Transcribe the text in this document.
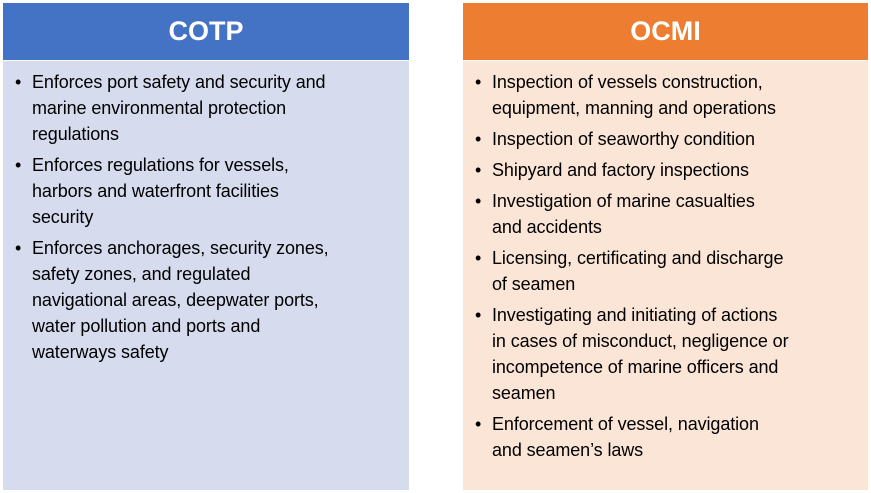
COTP
• Enforces port safety and security and
marine environmental protection
regulations
• Enforces regulations for vessels,
harbors and waterfront facilities
security
• Enforces anchorages, security zones,
safety zones, and regulated
navigational areas, deepwater ports,
water pollution and ports and
waterways safety
OCMI
• Inspection of vessels construction,
equipment, manning and operations
• Inspection of seaworthy condition
• Shipyard and factory inspections
• Investigation of marine casualties
and accidents
• Licensing, certificating and discharge
of seamen
• Investigating and initiating of actions
in cases of misconduct, negligence or
incompetence of marine officers and
seamen
• Enforcement of vessel, navigation
and seamen’s laws
